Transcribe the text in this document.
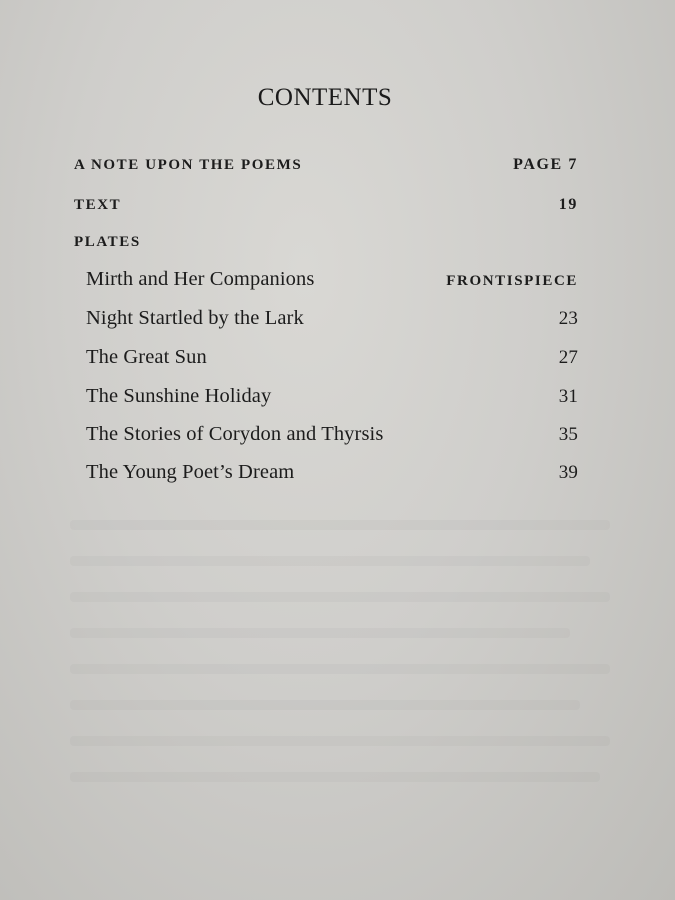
CONTENTS
A NOTE UPON THE POEMS	PAGE 7
TEXT	19
PLATES
Mirth and Her Companions	FRONTISPIECE
Night Startled by the Lark	23
The Great Sun	27
The Sunshine Holiday	31
The Stories of Corydon and Thyrsis	35
The Young Poet’s Dream	39
